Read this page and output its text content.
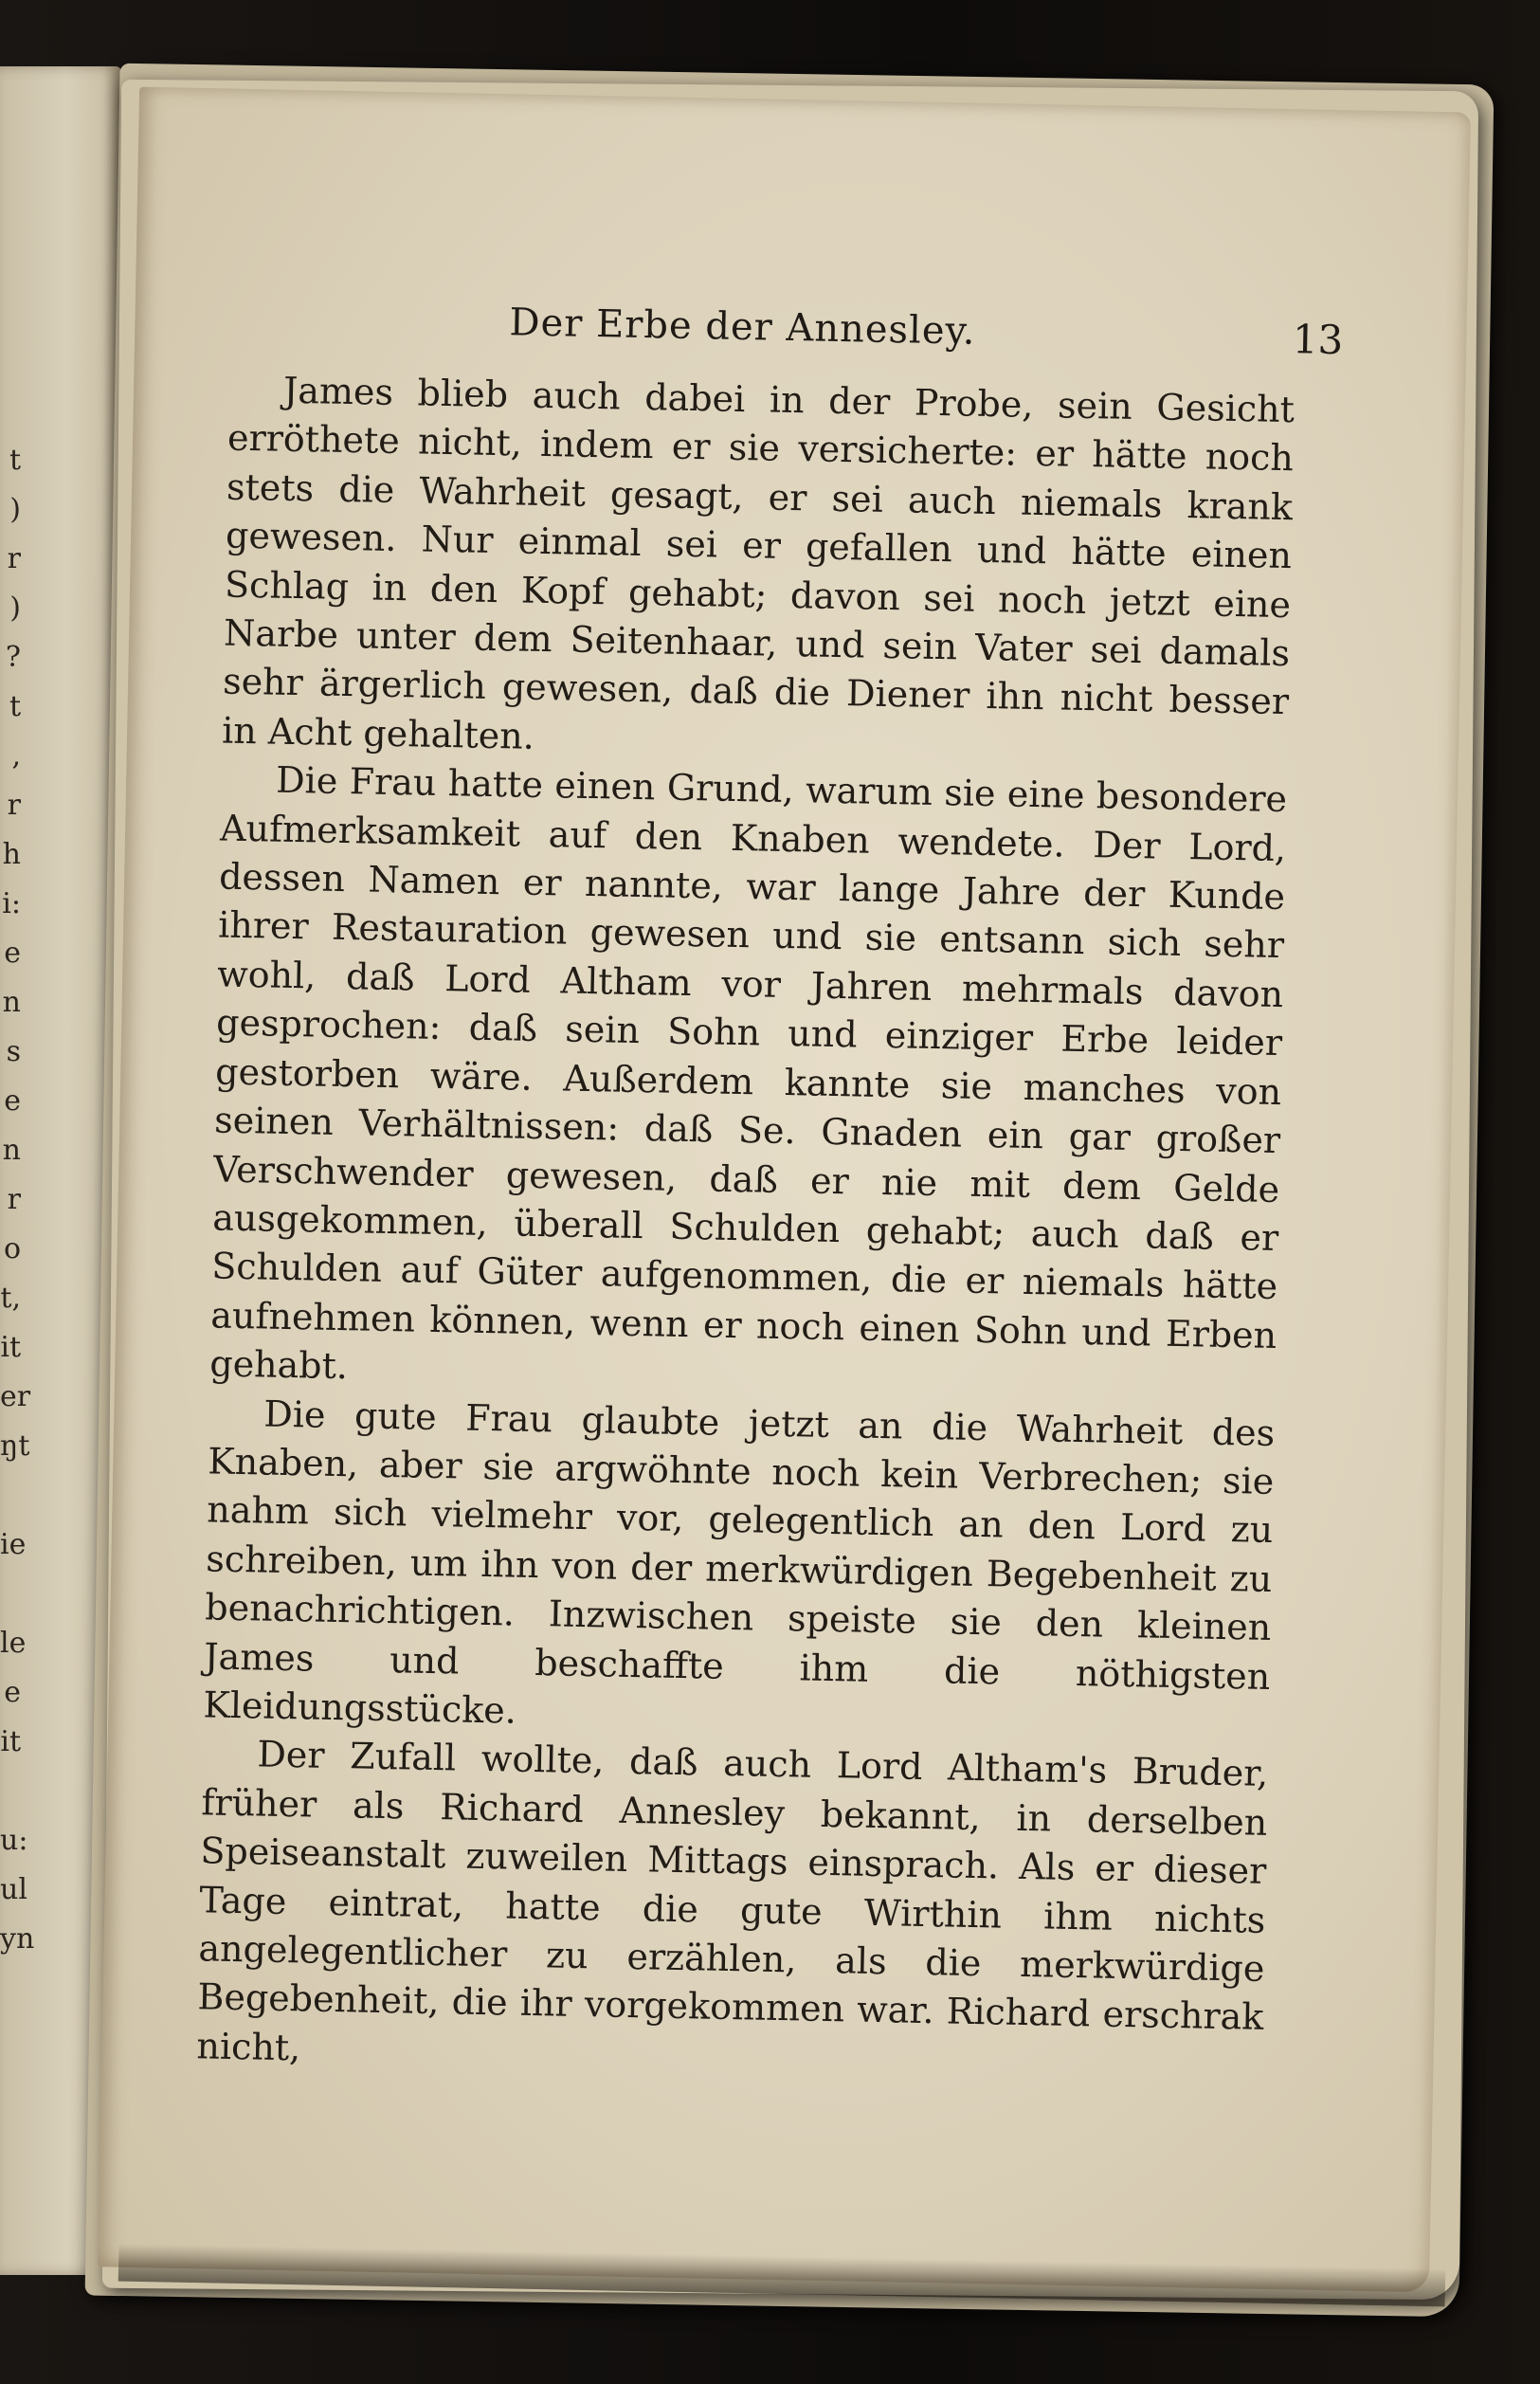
t
)
r
)
?
t
,
r
h
i:
e
n
s
e
n
r
o
t,
it
er
ŋt
ie
le
e
it
u:
ul
yn
Der Erbe der Annesley.	13

James blieb auch dabei in der Probe, sein Gesicht erröthete nicht, indem er sie versicherte: er hätte noch stets die Wahrheit gesagt, er sei auch niemals krank gewesen. Nur einmal sei er gefallen und hätte einen Schlag in den Kopf gehabt; davon sei noch jetzt eine Narbe unter dem Seitenhaar, und sein Vater sei damals sehr ärgerlich gewesen, daß die Diener ihn nicht besser in Acht gehalten.

Die Frau hatte einen Grund, warum sie eine besondere Aufmerksamkeit auf den Knaben wendete. Der Lord, dessen Namen er nannte, war lange Jahre der Kunde ihrer Restauration gewesen und sie entsann sich sehr wohl, daß Lord Altham vor Jahren mehrmals davon gesprochen: daß sein Sohn und einziger Erbe leider gestorben wäre. Außerdem kannte sie manches von seinen Verhältnissen: daß Se. Gnaden ein gar großer Verschwender gewesen, daß er nie mit dem Gelde ausgekommen, überall Schulden gehabt; auch daß er Schulden auf Güter aufgenommen, die er niemals hätte aufnehmen können, wenn er noch einen Sohn und Erben gehabt.

Die gute Frau glaubte jetzt an die Wahrheit des Knaben, aber sie argwöhnte noch kein Verbrechen; sie nahm sich vielmehr vor, gelegentlich an den Lord zu schreiben, um ihn von der merkwürdigen Begebenheit zu benachrichtigen. Inzwischen speiste sie den kleinen James und beschaffte ihm die nöthigsten Kleidungsstücke.

Der Zufall wollte, daß auch Lord Altham's Bruder, früher als Richard Annesley bekannt, in derselben Speiseanstalt zuweilen Mittags einsprach. Als er dieser Tage eintrat, hatte die gute Wirthin ihm nichts angelegentlicher zu erzählen, als die merkwürdige Begebenheit, die ihr vorgekommen war. Richard erschrak nicht,
